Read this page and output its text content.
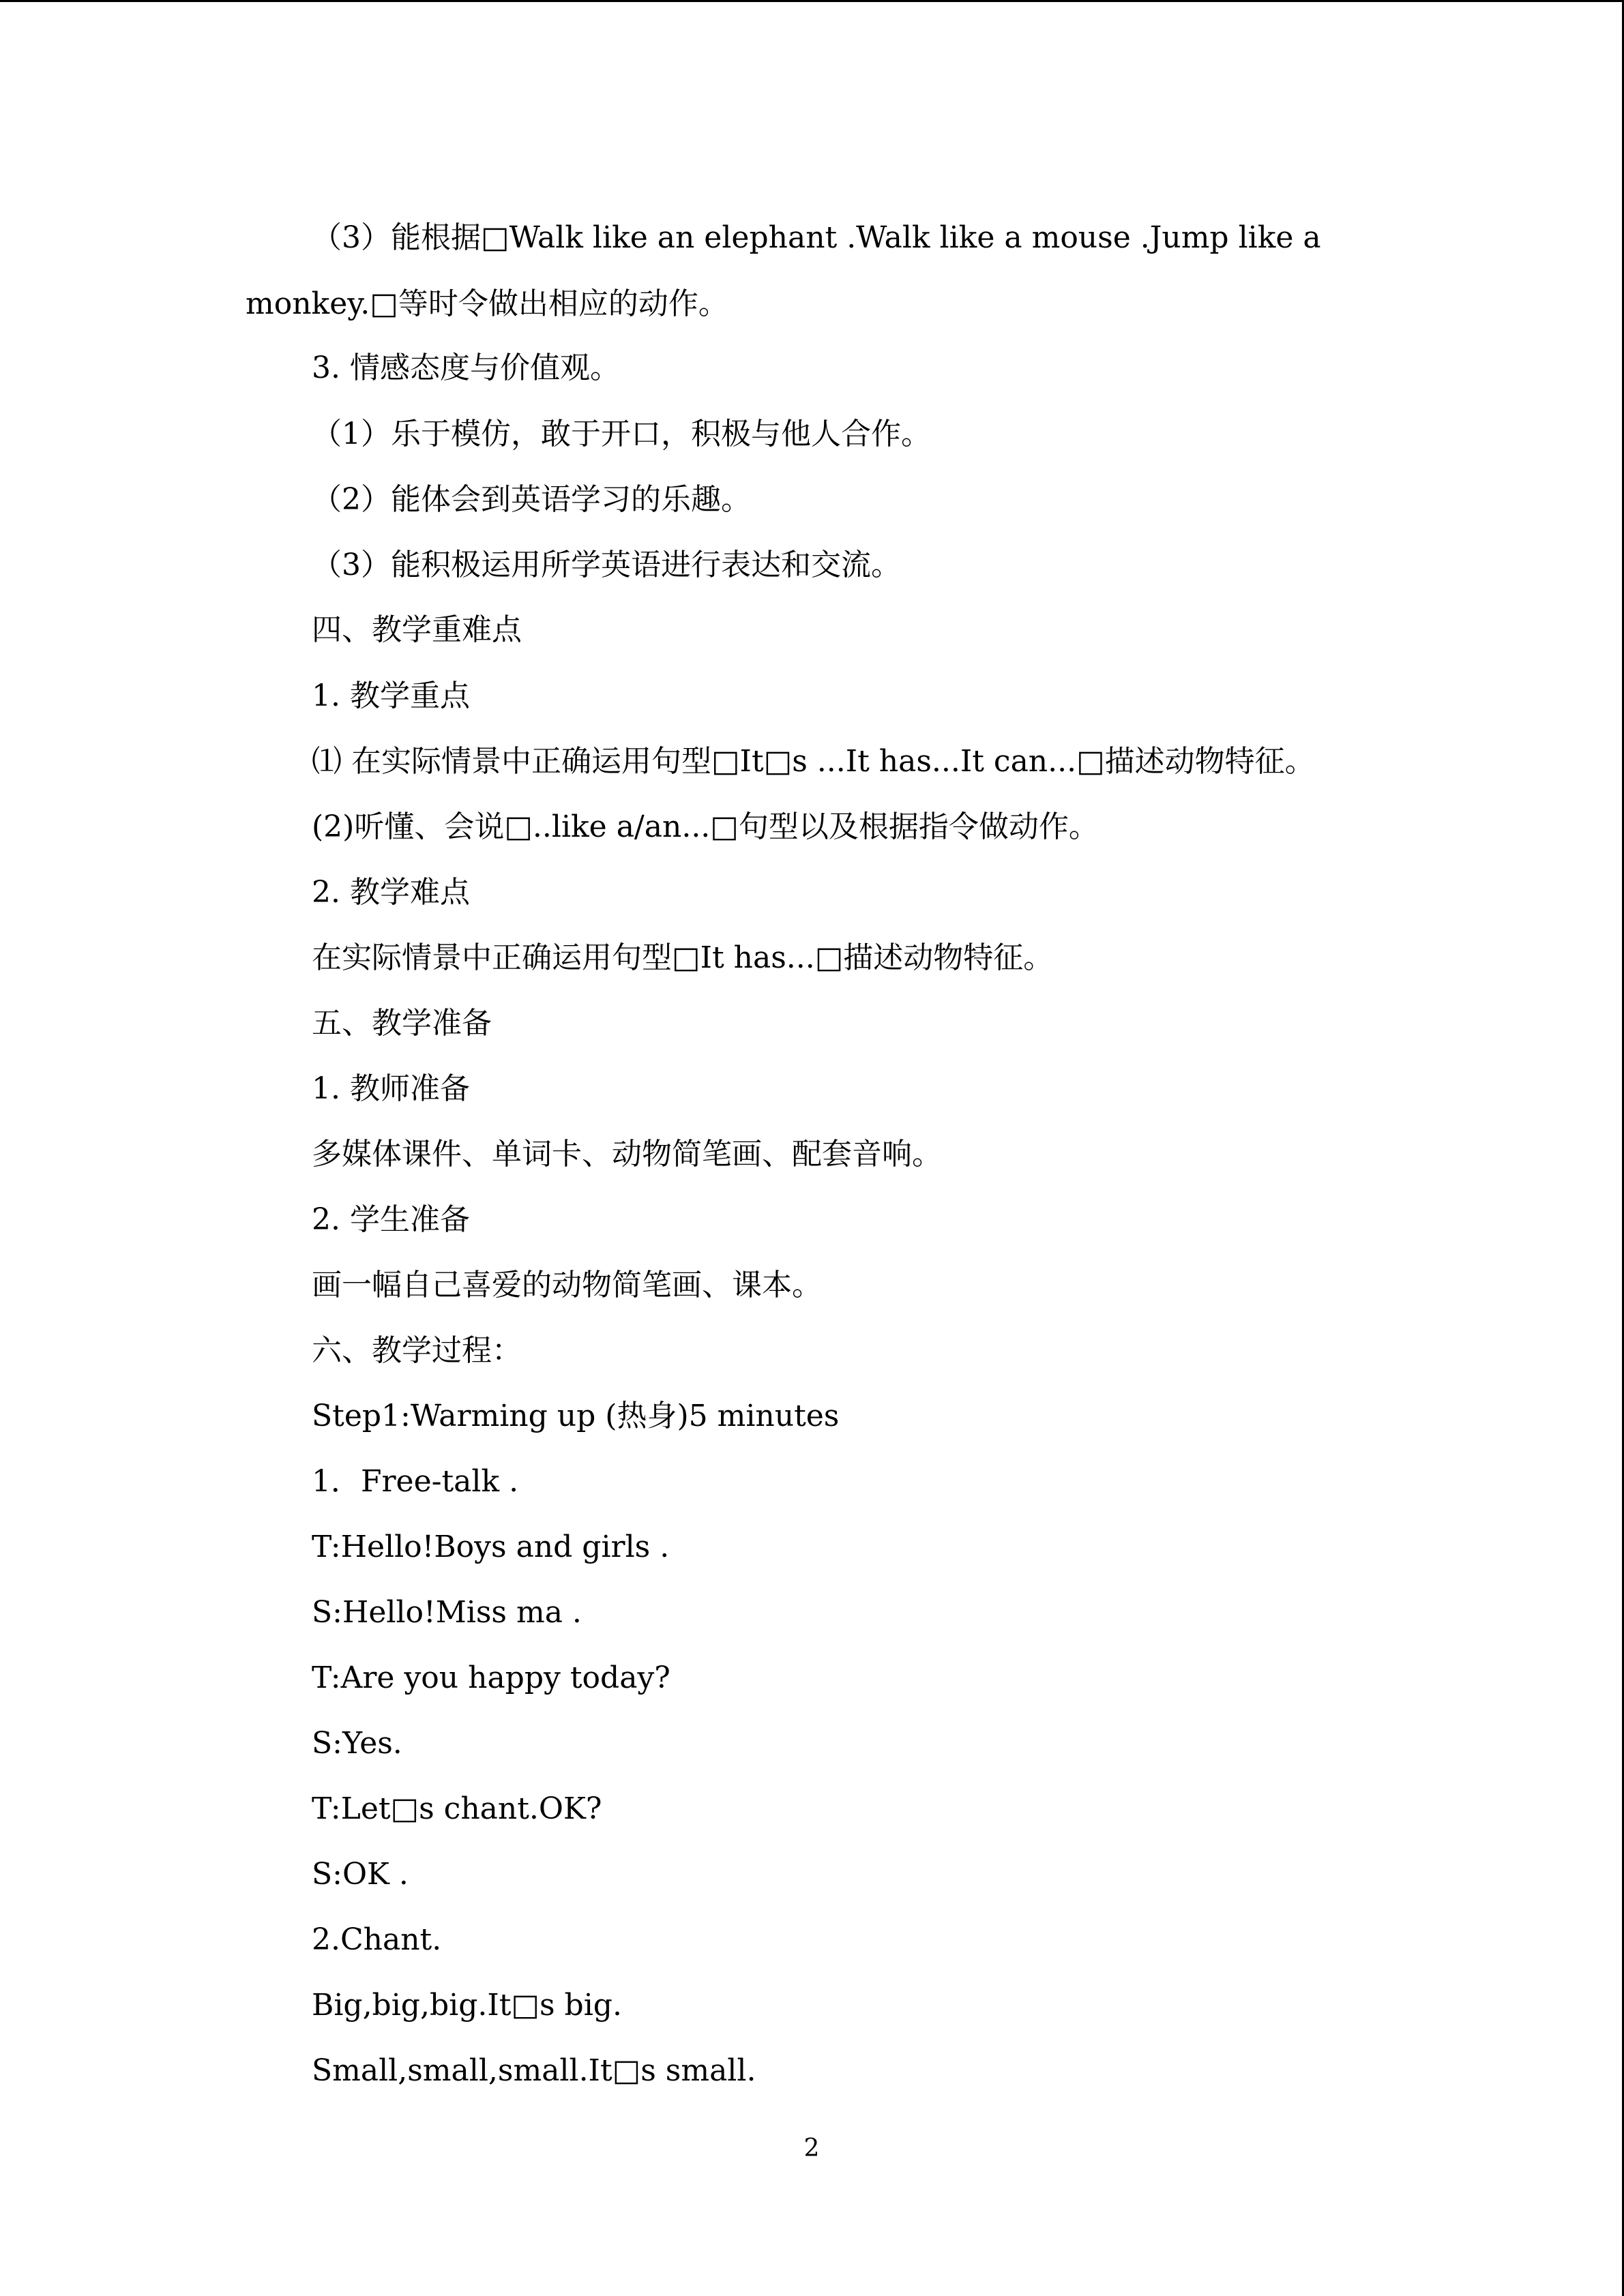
（3）能根据□Walk like an elephant .Walk like a mouse .Jump like a

monkey.□等时令做出相应的动作。

3. 情感态度与价值观。

（1）乐于模仿，敢于开口，积极与他人合作。

（2）能体会到英语学习的乐趣。

（3）能积极运用所学英语进行表达和交流。

四、教学重难点

1. 教学重点

⑴ 在实际情景中正确运用句型□It□s ...It has...It can...□描述动物特征。

(2)听懂、会说□..like a/an...□句型以及根据指令做动作。

2. 教学难点

在实际情景中正确运用句型□It has...□描述动物特征。

五、教学准备

1. 教师准备

多媒体课件、单词卡、动物简笔画、配套音响。

2. 学生准备

画一幅自己喜爱的动物简笔画、课本。

六、教学过程：

Step1:Warming up (热身)5 minutes

1．Free-talk .

T:Hello!Boys and girls .

S:Hello!Miss ma .

T:Are you happy today?

S:Yes.

T:Let□s chant.OK?

S:OK .

2.Chant.

Big,big,big.It□s big.

Small,small,small.It□s small.

2
